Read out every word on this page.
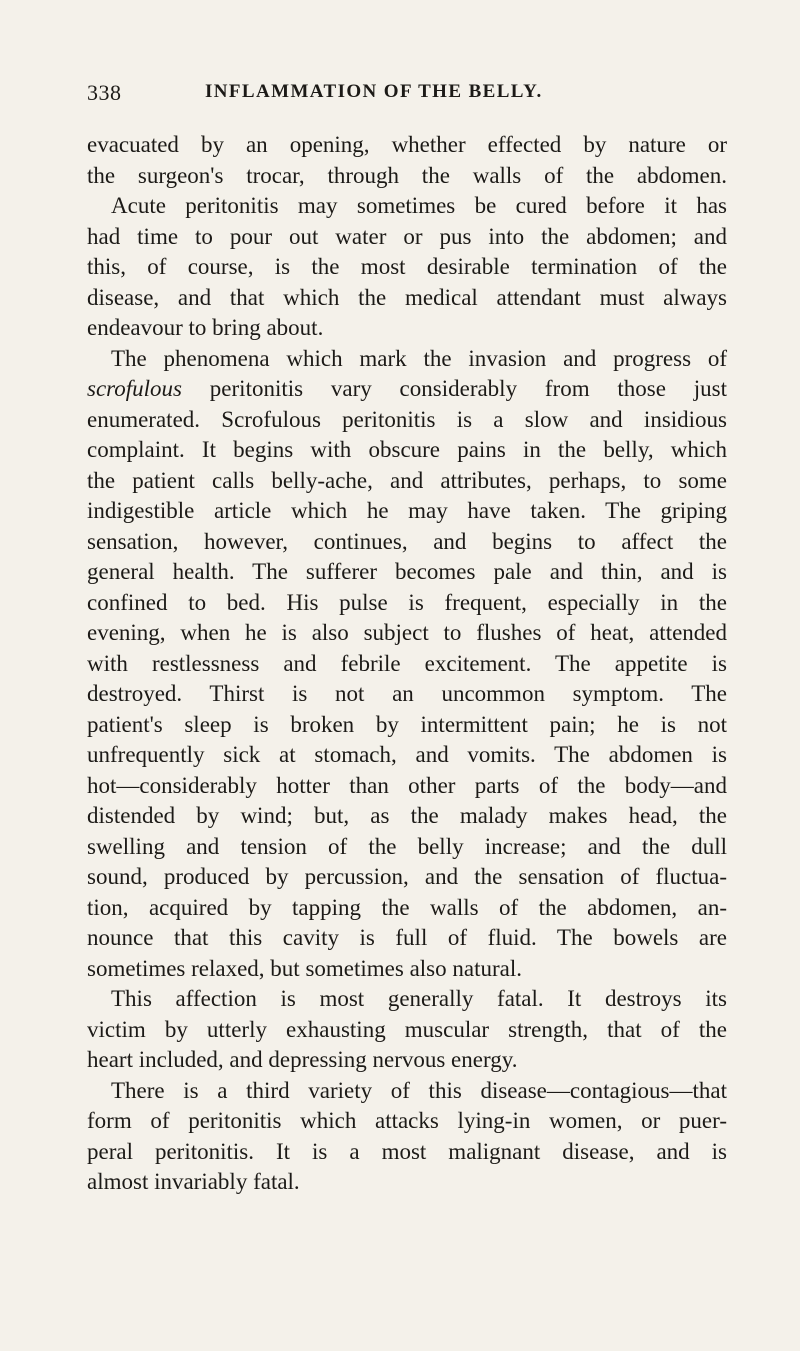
338	INFLAMMATION OF THE BELLY.
evacuated by an opening, whether effected by nature or
the surgeon's trocar, through the walls of the abdomen.
Acute peritonitis may sometimes be cured before it has
had time to pour out water or pus into the abdomen; and
this, of course, is the most desirable termination of the
disease, and that which the medical attendant must always
endeavour to bring about.
The phenomena which mark the invasion and progress of
scrofulous peritonitis vary considerably from those just
enumerated. Scrofulous peritonitis is a slow and insidious
complaint. It begins with obscure pains in the belly, which
the patient calls belly-ache, and attributes, perhaps, to some
indigestible article which he may have taken. The griping
sensation, however, continues, and begins to affect the
general health. The sufferer becomes pale and thin, and is
confined to bed. His pulse is frequent, especially in the
evening, when he is also subject to flushes of heat, attended
with restlessness and febrile excitement. The appetite is
destroyed. Thirst is not an uncommon symptom. The
patient's sleep is broken by intermittent pain; he is not
unfrequently sick at stomach, and vomits. The abdomen is
hot—considerably hotter than other parts of the body—and
distended by wind; but, as the malady makes head, the
swelling and tension of the belly increase; and the dull
sound, produced by percussion, and the sensation of fluctua-
tion, acquired by tapping the walls of the abdomen, an-
nounce that this cavity is full of fluid. The bowels are
sometimes relaxed, but sometimes also natural.
This affection is most generally fatal. It destroys its
victim by utterly exhausting muscular strength, that of the
heart included, and depressing nervous energy.
There is a third variety of this disease—contagious—that
form of peritonitis which attacks lying-in women, or puer-
peral peritonitis. It is a most malignant disease, and is
almost invariably fatal.
